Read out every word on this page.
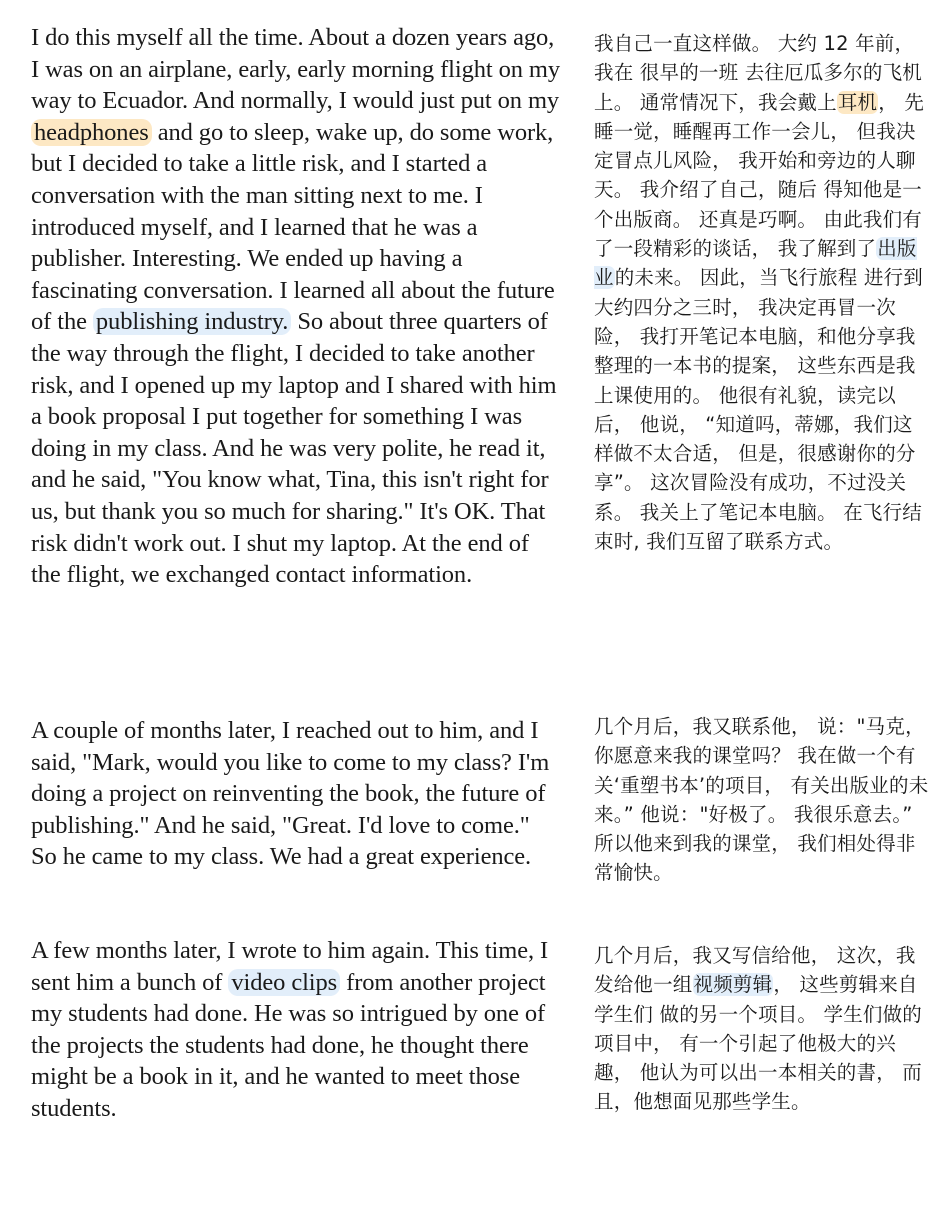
I do this myself all the time. About a dozen years ago, I was on an airplane, early, early morning flight on my way to Ecuador. And normally, I would just put on my headphones and go to sleep, wake up, do some work, but I decided to take a little risk, and I started a conversation with the man sitting next to me. I introduced myself, and I learned that he was a publisher. Interesting. We ended up having a fascinating conversation. I learned all about the future of the publishing industry. So about three quarters of the way through the flight, I decided to take another risk, and I opened up my laptop and I shared with him a book proposal I put together for something I was doing in my class. And he was very polite, he read it, and he said, "You know what, Tina, this isn't right for us, but thank you so much for sharing." It's OK. That risk didn't work out. I shut my laptop. At the end of the flight, we exchanged contact information.

我自己一直这样做。 大约 12 年前，我在 很早的一班 去往厄瓜多尔的飞机上。 通常情况下，我会戴上耳机， 先睡一觉，睡醒再工作一会儿， 但我决定冒点儿风险， 我开始和旁边的人聊天。 我介绍了自己，随后 得知他是一个出版商。 还真是巧啊。 由此我们有了一段精彩的谈话， 我了解到了出版业的未来。 因此，当飞行旅程 进行到大约四分之三时， 我决定再冒一次险， 我打开笔记本电脑，和他分享我整理的一本书的提案， 这些东西是我上课使用的。 他很有礼貌，读完以后， 他说， “知道吗，蒂娜，我们这样做不太合适， 但是，很感谢你的分享”。 这次冒险没有成功，不过没关系。 我关上了笔记本电脑。 在飞行结束时, 我们互留了联系方式。

A couple of months later, I reached out to him, and I said, "Mark, would you like to come to my class? I'm doing a project on reinventing the book, the future of publishing." And he said, "Great. I'd love to come." So he came to my class. We had a great experience.

几个月后，我又联系他， 说："马克，你愿意来我的课堂吗？ 我在做一个有关‘重塑书本’的项目， 有关出版业的未来。” 他说："好极了。 我很乐意去。” 所以他来到我的课堂， 我们相处得非常愉快。

A few months later, I wrote to him again. This time, I sent him a bunch of video clips from another project my students had done. He was so intrigued by one of the projects the students had done, he thought there might be a book in it, and he wanted to meet those students.

几个月后，我又写信给他， 这次，我发给他一组视频剪辑， 这些剪辑来自学生们 做的另一个项目。 学生们做的项目中， 有一个引起了他极大的兴趣， 他认为可以出一本相关的書， 而且，他想面见那些学生。
